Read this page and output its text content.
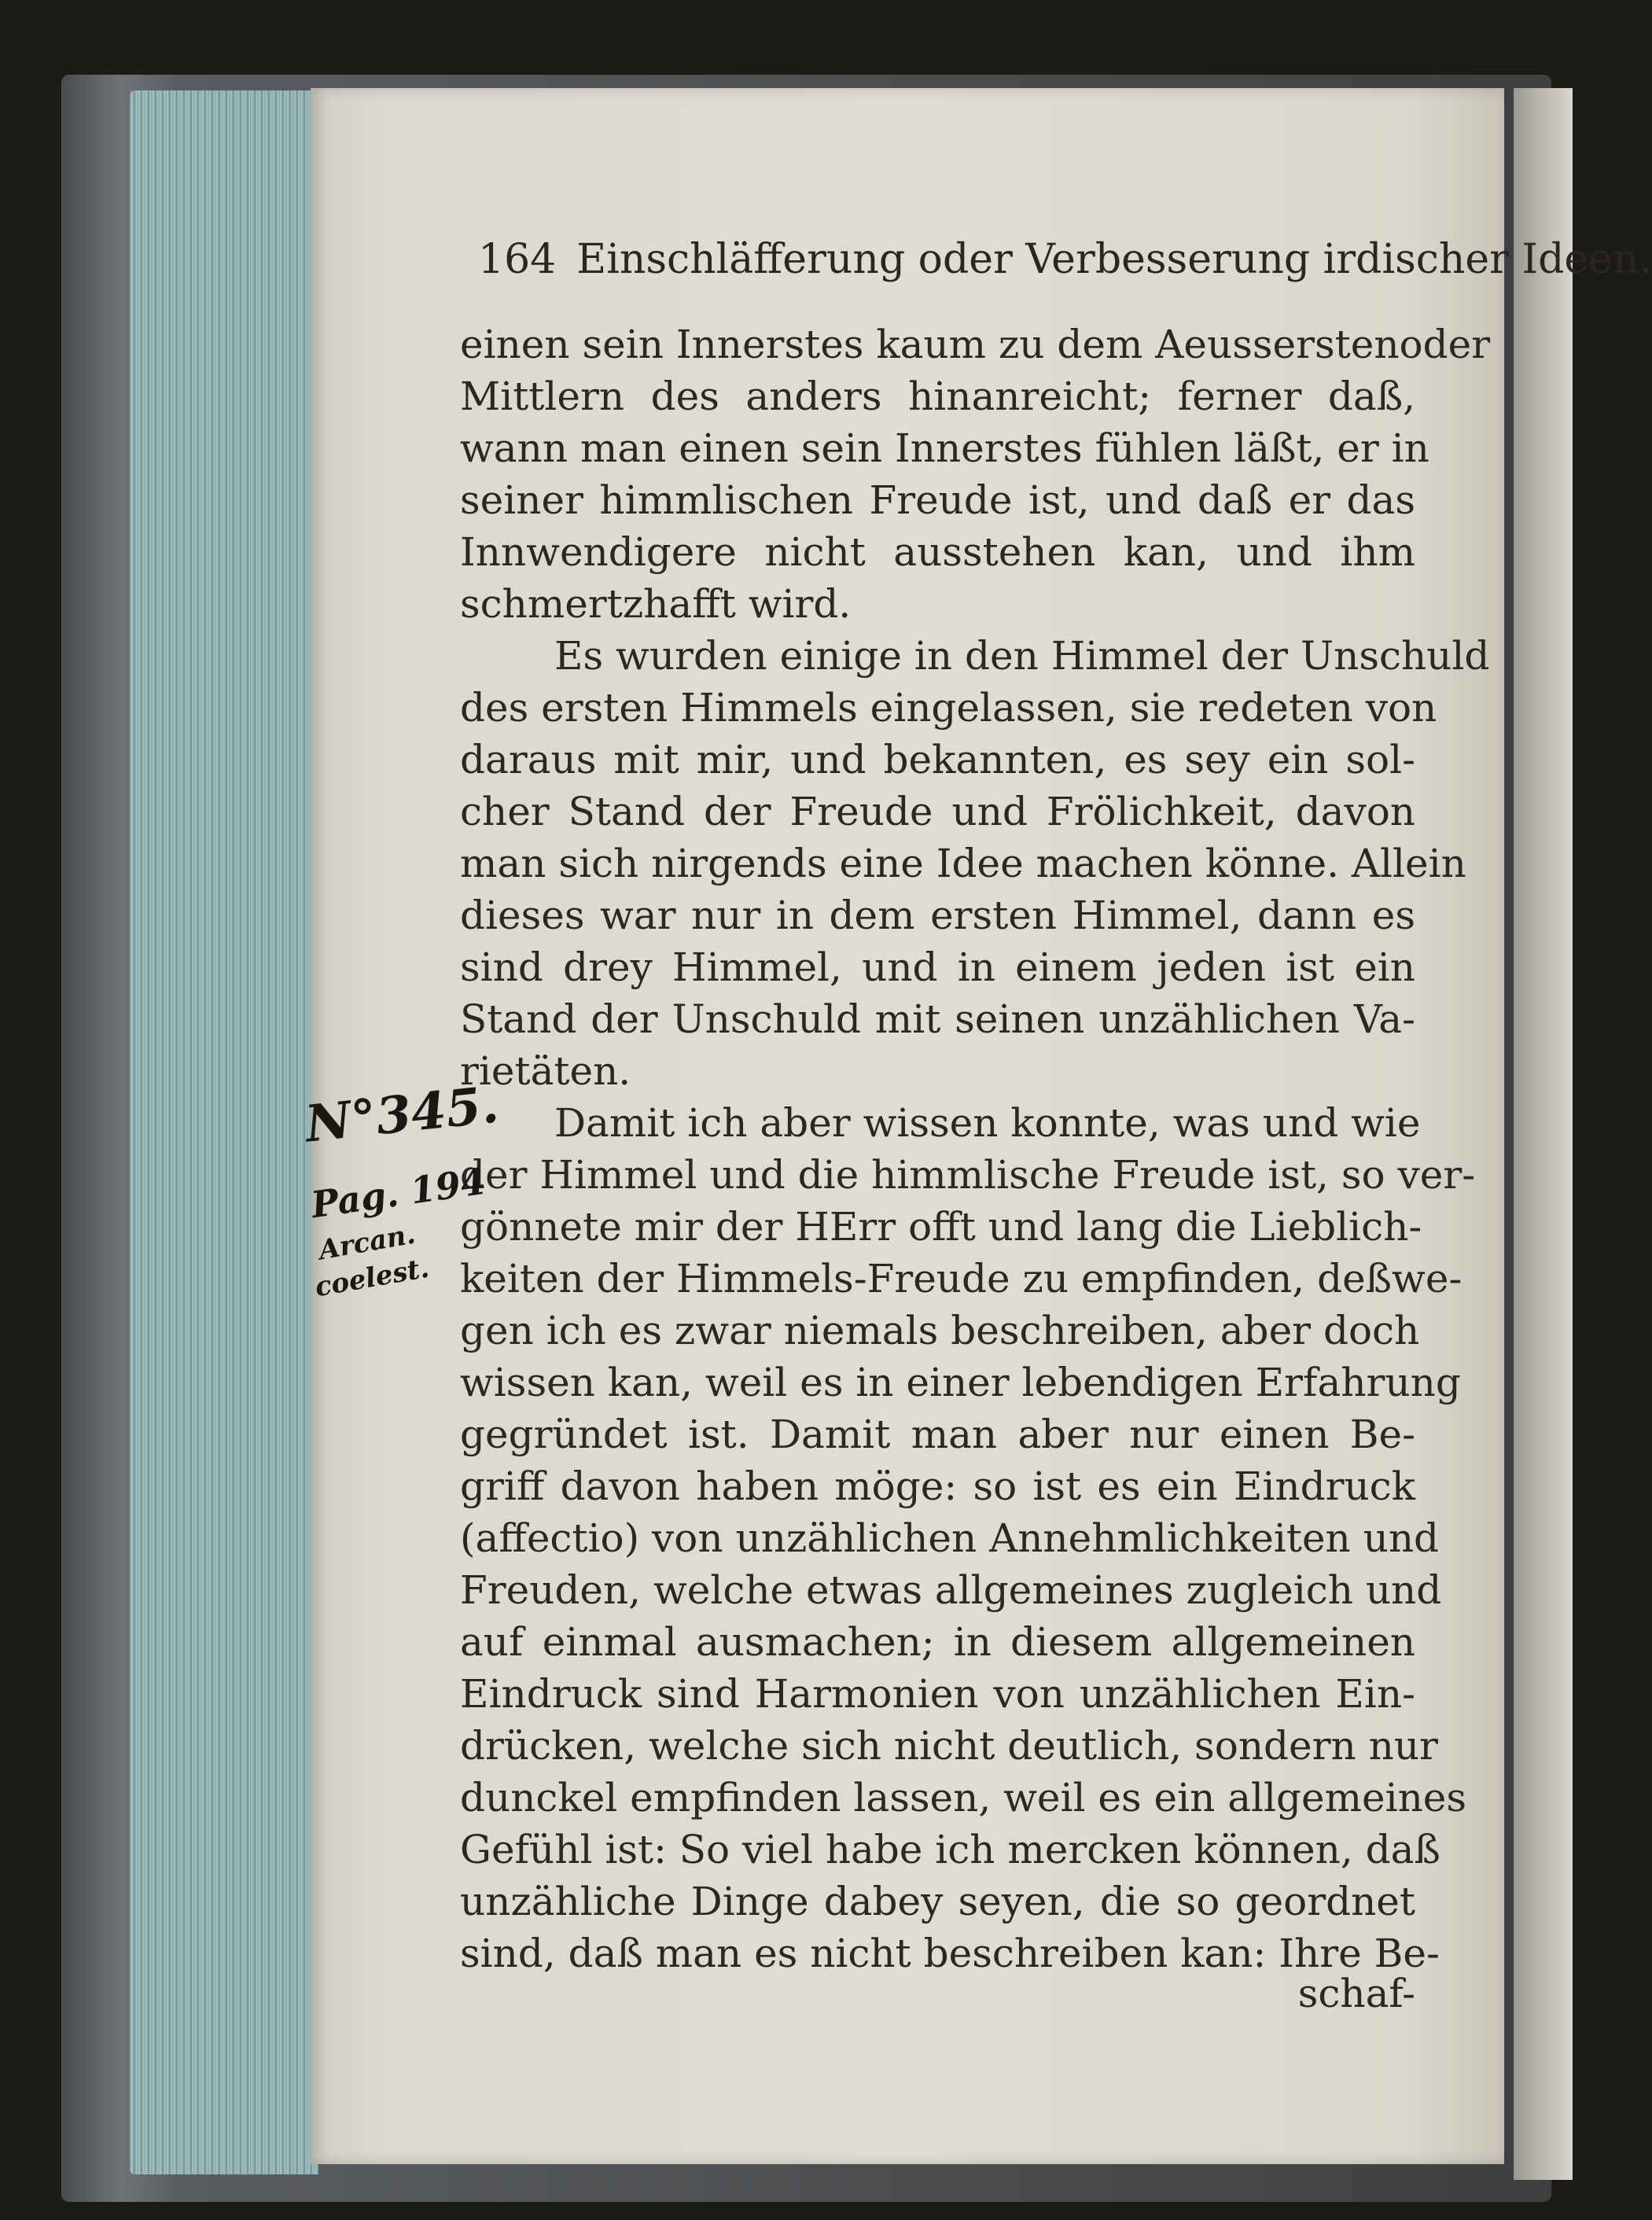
164 Einschläfferung oder Verbesserung irdischer Ideen.
einen sein Innerstes kaum zu dem Aeusserstenoder
Mittlern des anders hinanreicht; ferner daß,
wann man einen sein Innerstes fühlen läßt, er in
seiner himmlischen Freude ist, und daß er das
Innwendigere nicht ausstehen kan, und ihm
schmertzhafft wird.
Es wurden einige in den Himmel der Unschuld
des ersten Himmels eingelassen, sie redeten von
daraus mit mir, und bekannten, es sey ein sol-
cher Stand der Freude und Frölichkeit, davon
man sich nirgends eine Idee machen könne. Allein
dieses war nur in dem ersten Himmel, dann es
sind drey Himmel, und in einem jeden ist ein
Stand der Unschuld mit seinen unzählichen Va-
rietäten.
Damit ich aber wissen konnte, was und wie
der Himmel und die himmlische Freude ist, so ver-
gönnete mir der HErr offt und lang die Lieblich-
keiten der Himmels-Freude zu empfinden, deßwe-
gen ich es zwar niemals beschreiben, aber doch
wissen kan, weil es in einer lebendigen Erfahrung
gegründet ist. Damit man aber nur einen Be-
griff davon haben möge: so ist es ein Eindruck
(affectio) von unzählichen Annehmlichkeiten und
Freuden, welche etwas allgemeines zugleich und
auf einmal ausmachen; in diesem allgemeinen
Eindruck sind Harmonien von unzählichen Ein-
drücken, welche sich nicht deutlich, sondern nur
dunckel empfinden lassen, weil es ein allgemeines
Gefühl ist: So viel habe ich mercken können, daß
unzähliche Dinge dabey seyen, die so geordnet
sind, daß man es nicht beschreiben kan: Ihre Be-
schaf-
N°345.
Pag. 194
Arcan.
coelest.
